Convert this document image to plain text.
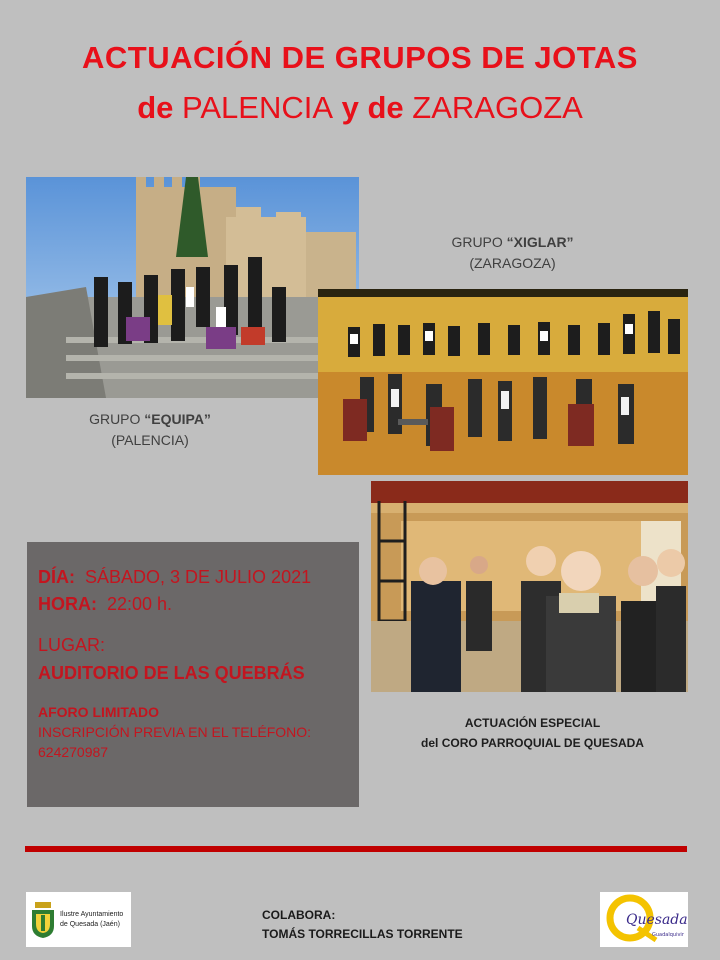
ACTUACIÓN DE GRUPOS DE JOTAS
de PALENCIA y de ZARAGOZA
GRUPO “EQUIPA”
(PALENCIA)
GRUPO “XIGLAR”
(ZARAGOZA)
DÍA: SÁBADO, 3 DE JULIO 2021
HORA: 22:00 h.
LUGAR:
AUDITORIO DE LAS QUEBRÁS
AFORO LIMITADO
INSCRIPCIÓN PREVIA EN EL TELÉFONO:
624270987
ACTUACIÓN ESPECIAL
del CORO PARROQUIAL DE QUESADA
Ilustre Ayuntamiento
de Quesada (Jaén)
COLABORA:
TOMÁS TORRECILLAS TORRENTE
Quesada
Guadalquivir
